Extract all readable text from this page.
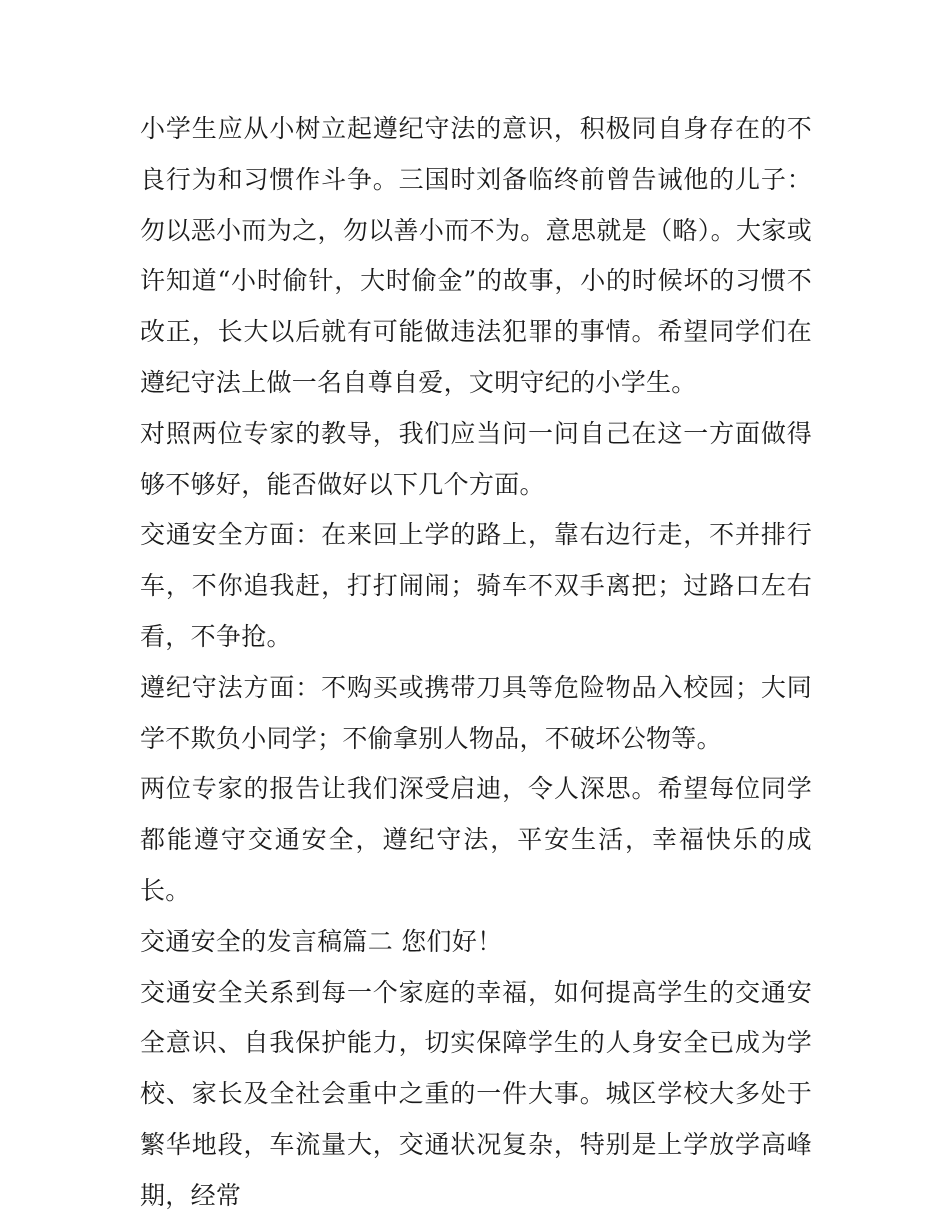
小学生应从小树立起遵纪守法的意识，积极同自身存在的不良行为和习惯作斗争。三国时刘备临终前曾告诫他的儿子：勿以恶小而为之，勿以善小而不为。意思就是（略）。大家或许知道“小时偷针，大时偷金”的故事，小的时候坏的习惯不改正，长大以后就有可能做违法犯罪的事情。希望同学们在遵纪守法上做一名自尊自爱，文明守纪的小学生。

对照两位专家的教导，我们应当问一问自己在这一方面做得够不够好，能否做好以下几个方面。

交通安全方面：在来回上学的路上，靠右边行走，不并排行车，不你追我赶，打打闹闹；骑车不双手离把；过路口左右看，不争抢。

遵纪守法方面：不购买或携带刀具等危险物品入校园；大同学不欺负小同学；不偷拿别人物品，不破坏公物等。

两位专家的报告让我们深受启迪，令人深思。希望每位同学都能遵守交通安全，遵纪守法，平安生活，幸福快乐的成长。

交通安全的发言稿篇二 您们好！

交通安全关系到每一个家庭的幸福，如何提高学生的交通安全意识、自我保护能力，切实保障学生的人身安全已成为学校、家长及全社会重中之重的一件大事。城区学校大多处于繁华地段，车流量大，交通状况复杂，特别是上学放学高峰期，经常
